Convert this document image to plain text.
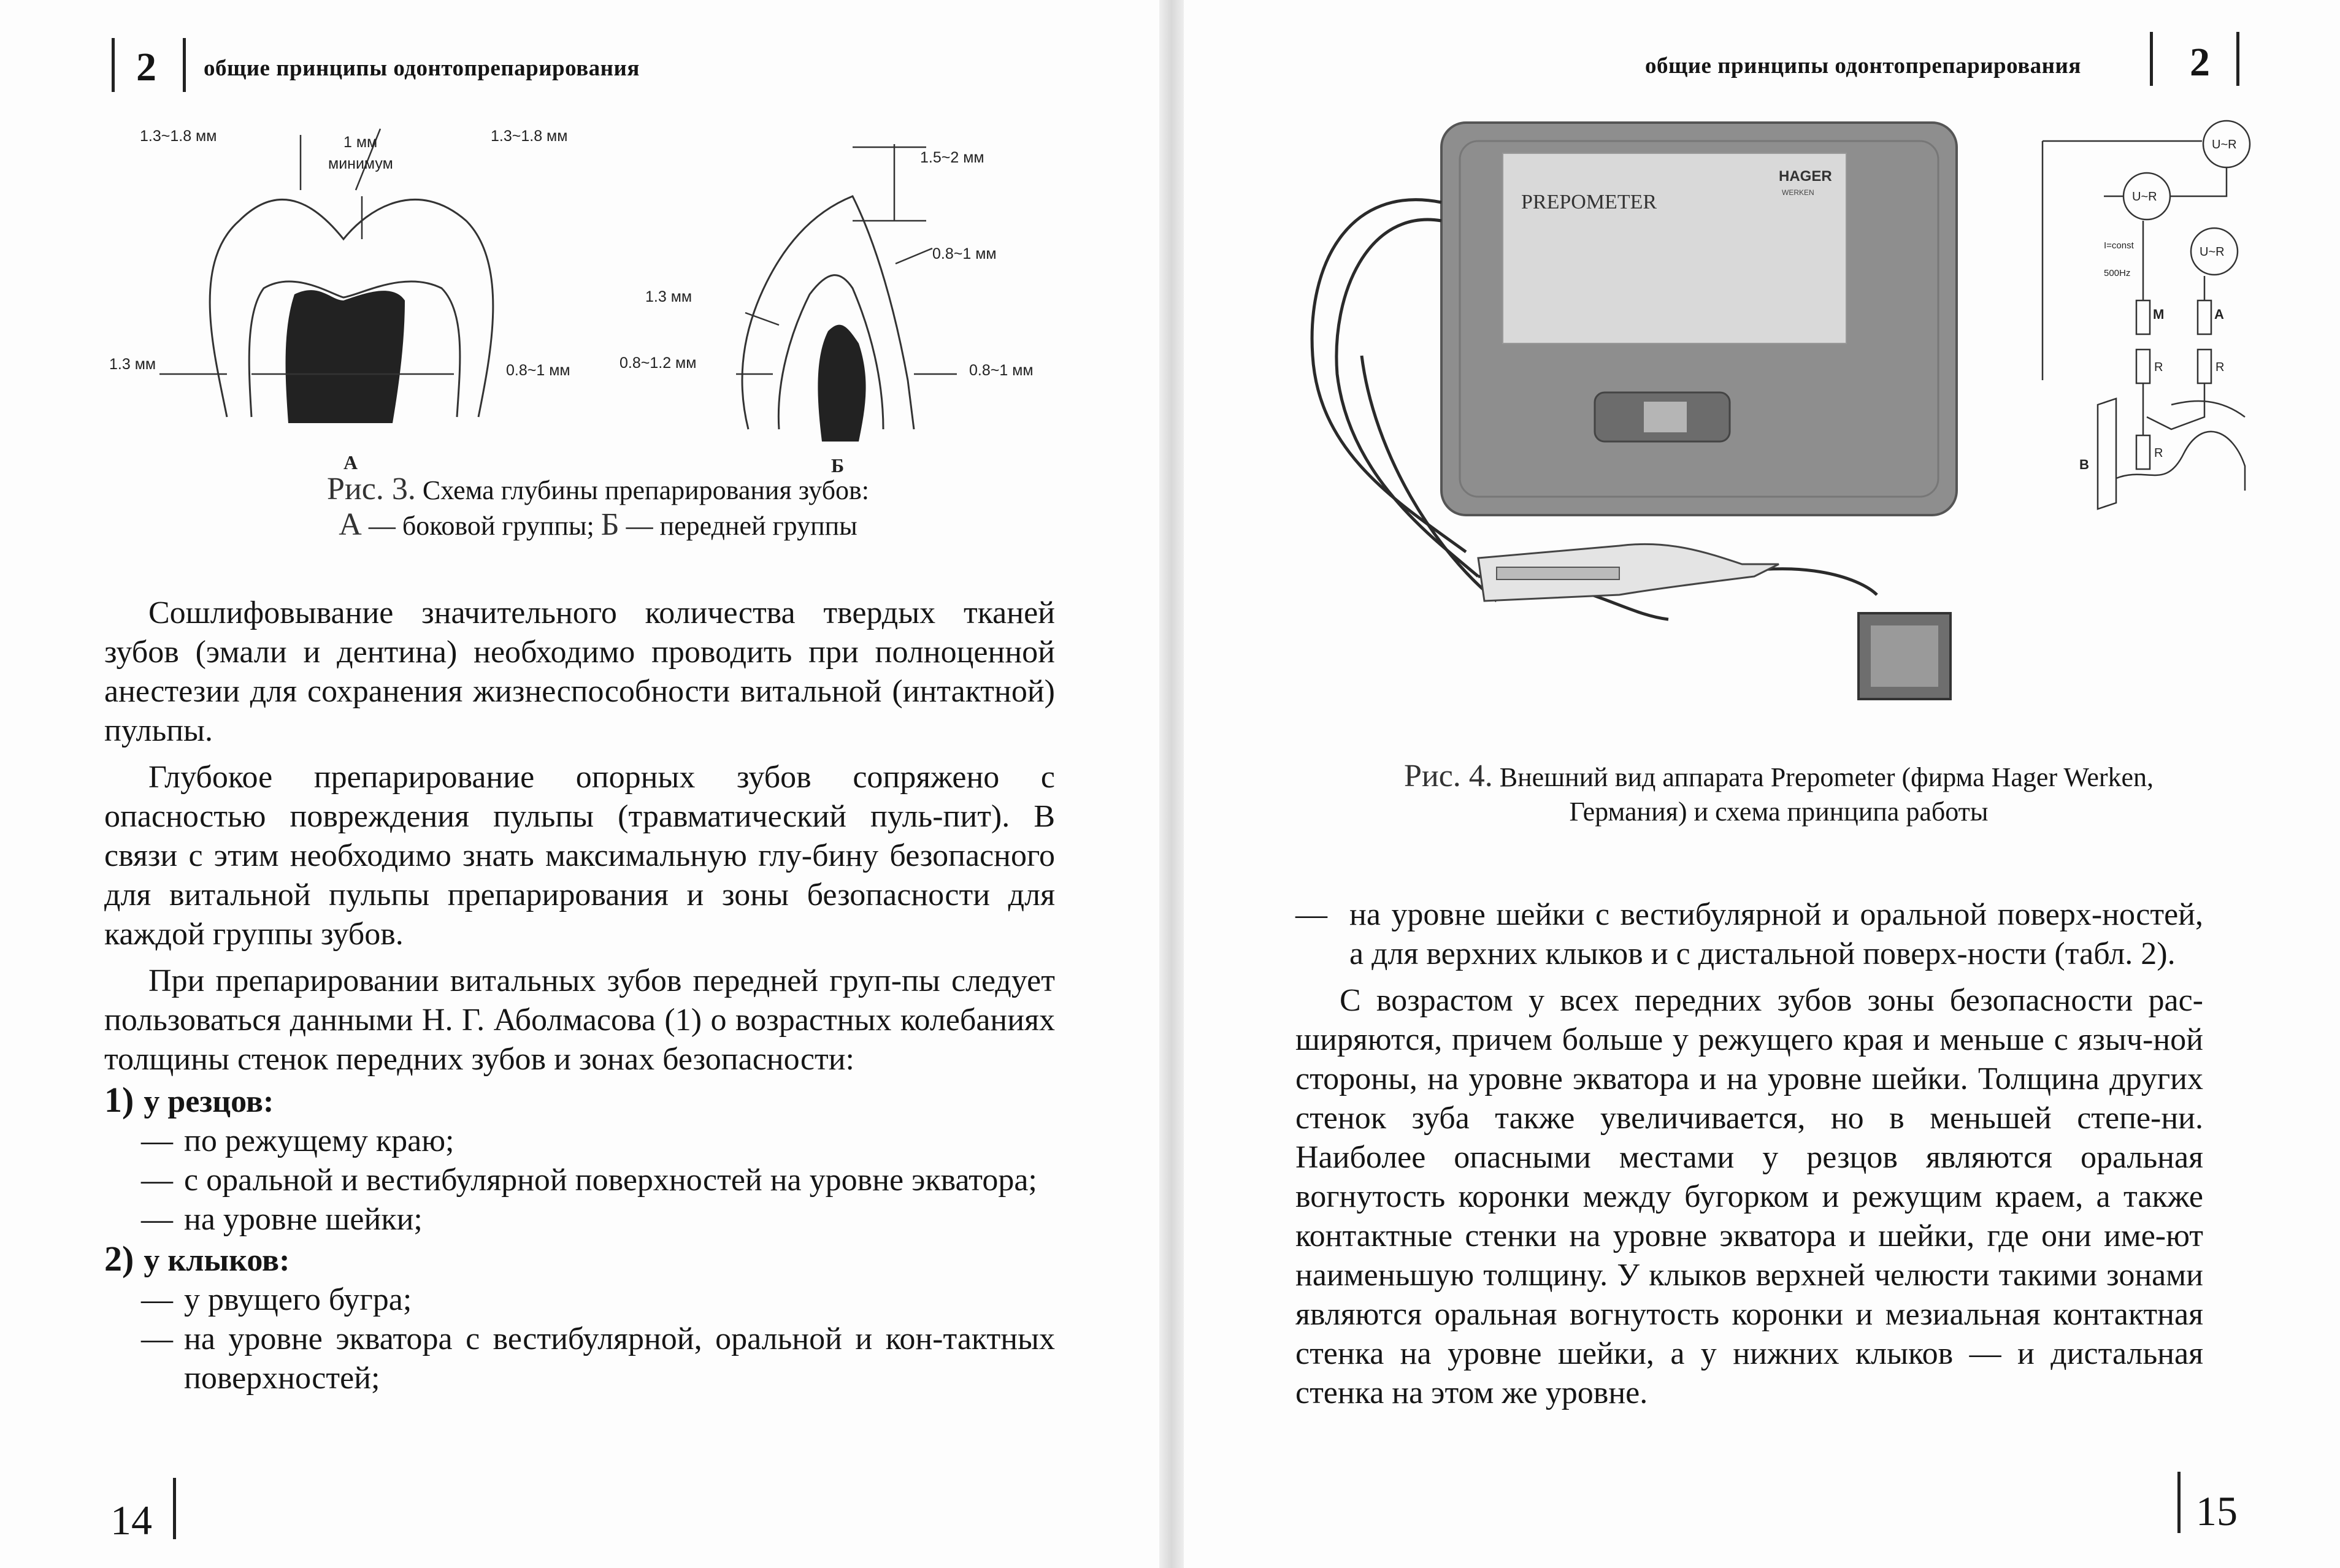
2 общие принципы одонтопрепарирования
1.3~1.8 мм	1 мм
минимум
1.3~1.8 мм
1.3 мм	0.8~1 мм
1.5~2 мм
0.8~1 мм
1.3 мм
0.8~1.2 мм	0.8~1 мм
А	Б
Рис. 3. Схема глубины препарирования зубов:
А — боковой группы; Б — передней группы

Сошлифовывание значительного количества твердых тканей зубов (эмали и дентина) необходимо проводить при полноценной анестезии для сохранения жизнеспособности витальной (интактной) пульпы.

Глубокое препарирование опорных зубов сопряжено с опасностью повреждения пульпы (травматический пуль-пит). В связи с этим необходимо знать максимальную глу-бину безопасного для витальной пульпы препарирования и зоны безопасности для каждой группы зубов.

При препарировании витальных зубов передней груп-пы следует пользоваться данными Н. Г. Аболмасова (1) о возрастных колебаниях толщины стенок передних зубов и зонах безопасности:

1) у резцов:

— по режущему краю;
— с оральной и вестибулярной поверхностей на уровне экватора;
— на уровне шейки;

2) у клыков:

— у рвущего бугра;
— на уровне экватора с вестибулярной, оральной и кон-тактных поверхностей;
14
общие принципы одонтопрепарирования	2
HAGER
WERKEN
PREPOMETER
U~R
U~R
U~R
I=const
500Hz
M	A
R	R
R
B
Рис. 4. Внешний вид аппарата Prepometer (фирма Hager Werken,
Германия) и схема принципа работы
— на уровне шейки с вестибулярной и оральной поверх-ностей, а для верхних клыков и с дистальной поверх-ности (табл. 2).

С возрастом у всех передних зубов зоны безопасности рас-ширяются, причем больше у режущего края и меньше с языч-ной стороны, на уровне экватора и на уровне шейки. Толщина других стенок зуба также увеличивается, но в меньшей степе-ни. Наиболее опасными местами у резцов являются оральная вогнутость коронки между бугорком и режущим краем, а также контактные стенки на уровне экватора и шейки, где они име-ют наименьшую толщину. У клыков верхней челюсти такими зонами являются оральная вогнутость коронки и мезиальная контактная стенка на уровне шейки, а у нижних клыков — и дистальная стенка на этом же уровне.

15
